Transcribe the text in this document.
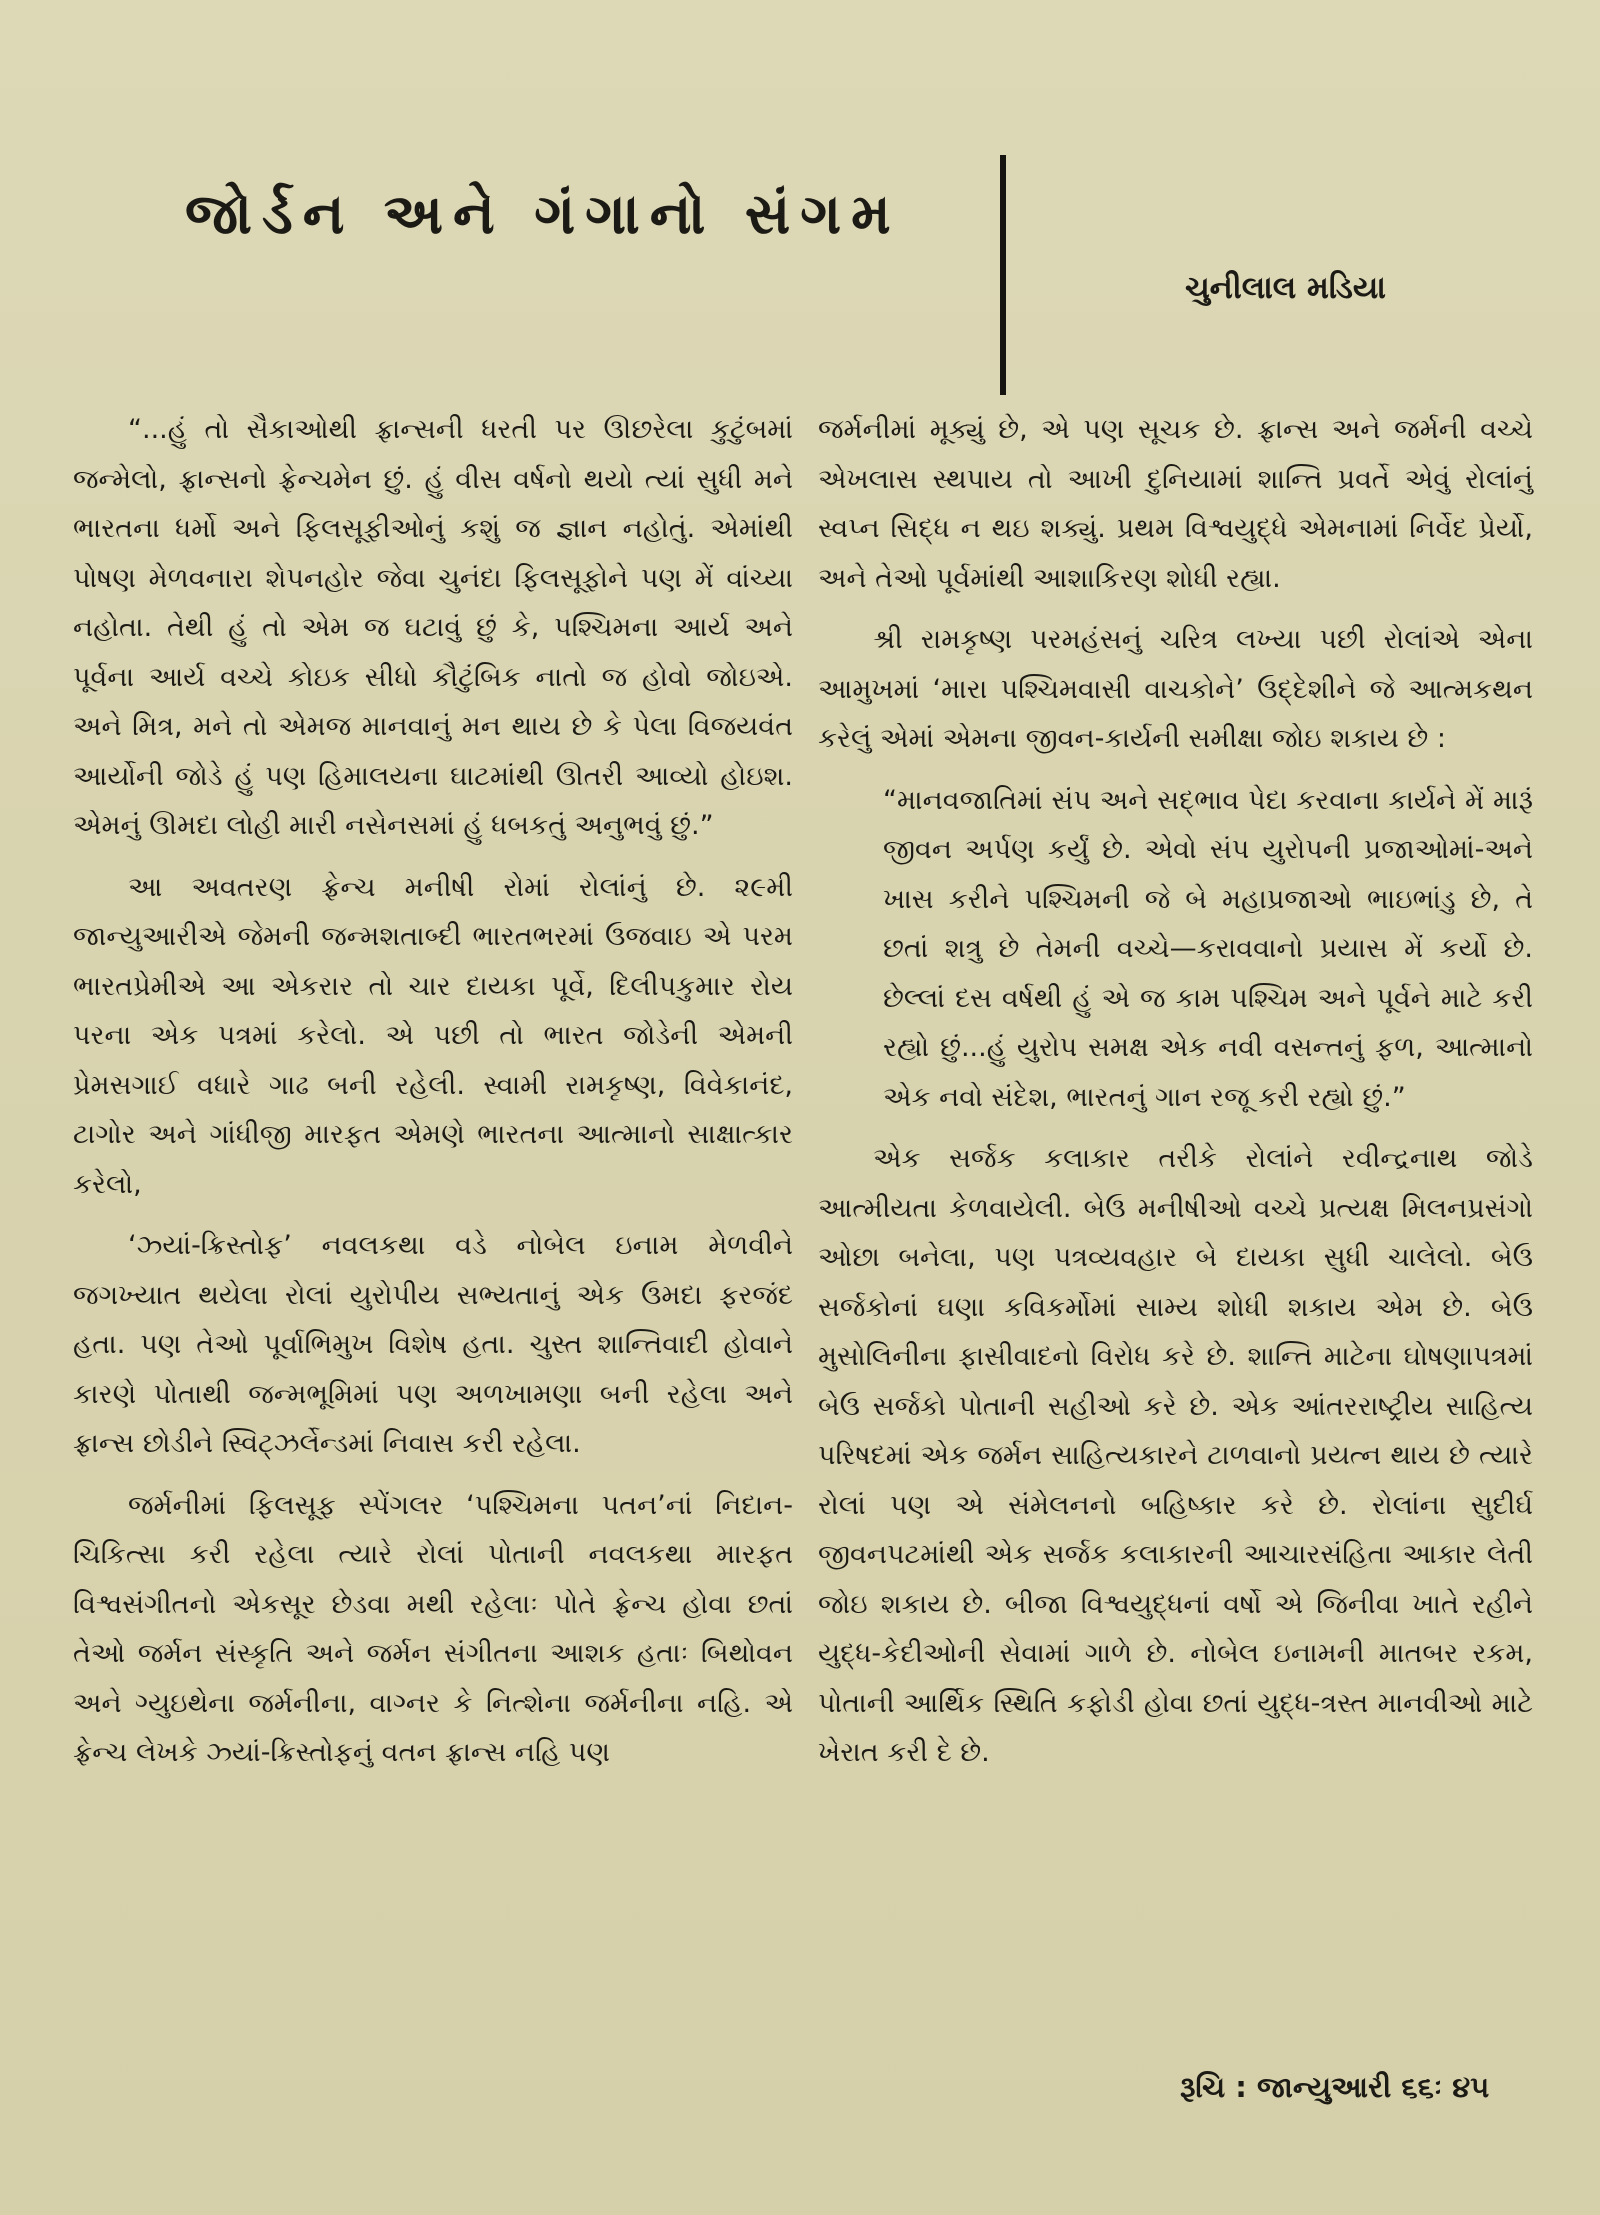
જોર્ડન અને ગંગાનો સંગમ
ચુનીલાલ મડિયા

“...હું તો સૈકાઓથી ફ્રાન્સની ધરતી પર ઊછરેલા કુટુંબમાં જન્મેલો, ફ્રાન્સનો ફ્રેન્ચમેન છું. હું વીસ વર્ષનો થયો ત્યાં સુધી મને ભારતના ધર્મો અને ફિલસૂફીઓનું કશું જ જ્ઞાન નહોતું. એમાંથી પોષણ મેળવનારા શેપનહોર જેવા ચુનંદા ફિલસૂફોને પણ મેં વાંચ્યા નહોતા. તેથી હું તો એમ જ ઘટાવું છું કે, પશ્ચિમના આર્ય અને પૂર્વના આર્ય વચ્ચે કોઇક સીધો કૌટુંબિક નાતો જ હોવો જોઇએ. અને મિત્ર, મને તો એમજ માનવાનું મન થાય છે કે પેલા વિજયવંત આર્યોની જોડે હું પણ હિમાલયના ઘાટમાંથી ઊતરી આવ્યો હોઇશ. એમનું ઊમદા લોહી મારી નસેનસમાં હું ધબકતું અનુભવું છું.”

આ અવતરણ ફ્રેન્ચ મનીષી રોમાં રોલાંનું છે. ૨૯મી જાન્યુઆરીએ જેમની જન્મશતાબ્દી ભારતભરમાં ઉજવાઇ એ પરમ ભારતપ્રેમીએ આ એકરાર તો ચાર દાયકા પૂર્વે, દિલીપકુમાર રોય પરના એક પત્રમાં કરેલો. એ પછી તો ભારત જોડેની એમની પ્રેમસગાઈ વધારે ગાઢ બની રહેલી. સ્વામી રામકૃષ્ણ, વિવેકાનંદ, ટાગોર અને ગાંધીજી મારફત એમણે ભારતના આત્માનો સાક્ષાત્કાર કરેલો,

‘ઝ્યાં-ક્રિસ્તોફ’ નવલકથા વડે નોબેલ ઇનામ મેળવીને જગખ્યાત થયેલા રોલાં યુરોપીય સભ્યતાનું એક ઉમદા ફરજંદ હતા. પણ તેઓ પૂર્વાભિમુખ વિશેષ હતા. ચુસ્ત શાન્તિવાદી હોવાને કારણે પોતાથી જન્મભૂમિમાં પણ અળખામણા બની રહેલા અને ફ્રાન્સ છોડીને સ્વિટ્ઝર્લેન્ડમાં નિવાસ કરી રહેલા.

જર્મનીમાં ફિલસૂફ સ્પેંગલર ‘પશ્ચિમના પતન’નાં નિદાન-ચિકિત્સા કરી રહેલા ત્યારે રોલાં પોતાની નવલકથા મારફત વિશ્વસંગીતનો એકસૂર છેડવા મથી રહેલાઃ પોતે ફ્રેન્ચ હોવા છતાં તેઓ જર્મન સંસ્કૃતિ અને જર્મન સંગીતના આશક હતાઃ બિથોવન અને ગ્યુઇથેના જર્મનીના, વાગ્નર કે નિત્શેના જર્મનીના નહિ. એ ફ્રેન્ચ લેખકે ઝ્યાં-ક્રિસ્તોફનું વતન ફ્રાન્સ નહિ પણ

જર્મનીમાં મૂક્યું છે, એ પણ સૂચક છે. ફ્રાન્સ અને જર્મની વચ્ચે એખલાસ સ્થપાય તો આખી દુનિયામાં શાન્તિ પ્રવર્તે એવું રોલાંનું સ્વપ્ન સિદ્ધ ન થઇ શક્યું. પ્રથમ વિશ્વયુદ્ધે એમનામાં નિર્વેદ પ્રેર્યો, અને તેઓ પૂર્વમાંથી આશાકિરણ શોધી રહ્યા.

શ્રી રામકૃષ્ણ પરમહંસનું ચરિત્ર લખ્યા પછી રોલાંએ એના આમુખમાં ‘મારા પશ્ચિમવાસી વાચકોને’ ઉદ્દેશીને જે આત્મકથન કરેલું એમાં એમના જીવન-કાર્યની સમીક્ષા જોઇ શકાય છે :

“માનવજાતિમાં સંપ અને સદ્ભાવ પેદા કરવાના કાર્યને મેં મારૂં જીવન અર્પણ કર્યું છે. એવો સંપ યુરોપની પ્રજાઓમાં-અને ખાસ કરીને પશ્ચિમની જે બે મહાપ્રજાઓ ભાઇભાંડુ છે, તે છતાં શત્રુ છે તેમની વચ્ચે—કરાવવાનો પ્રયાસ મેં કર્યો છે. છેલ્લાં દસ વર્ષથી હું એ જ કામ પશ્ચિમ અને પૂર્વને માટે કરી રહ્યો છું...હું યુરોપ સમક્ષ એક નવી વસન્તનું ફળ, આત્માનો એક નવો સંદેશ, ભારતનું ગાન રજૂ કરી રહ્યો છું.”

એક સર્જક કલાકાર તરીકે રોલાંને રવીન્દ્રનાથ જોડે આત્મીયતા કેળવાયેલી. બેઉ મનીષીઓ વચ્ચે પ્રત્યક્ષ મિલનપ્રસંગો ઓછા બનેલા, પણ પત્રવ્યવહાર બે દાયકા સુધી ચાલેલો. બેઉ સર્જકોનાં ઘણા કવિકર્મોમાં સામ્ય શોધી શકાય એમ છે. બેઉ મુસોલિનીના ફાસીવાદનો વિરોધ કરે છે. શાન્તિ માટેના ઘોષણાપત્રમાં બેઉ સર્જકો પોતાની સહીઓ કરે છે. એક આંતરરાષ્ટ્રીય સાહિત્ય પરિષદમાં એક જર્મન સાહિત્યકારને ટાળવાનો પ્રયત્ન થાય છે ત્યારે રોલાં પણ એ સંમેલનનો બહિષ્કાર કરે છે. રોલાંના સુદીર્ઘ જીવનપટમાંથી એક સર્જક કલાકારની આચારસંહિતા આકાર લેતી જોઇ શકાય છે. બીજા વિશ્વયુદ્ધનાં વર્ષો એ જિનીવા ખાતે રહીને યુદ્ધ-કેદીઓની સેવામાં ગાળે છે. નોબેલ ઇનામની માતબર રકમ, પોતાની આર્થિક સ્થિતિ કફોડી હોવા છતાં યુદ્ધ-ત્રસ્ત માનવીઓ માટે ખેરાત કરી દે છે.

રૂચિ : જાન્યુઆરી ૬૬ઃ ૪૫
